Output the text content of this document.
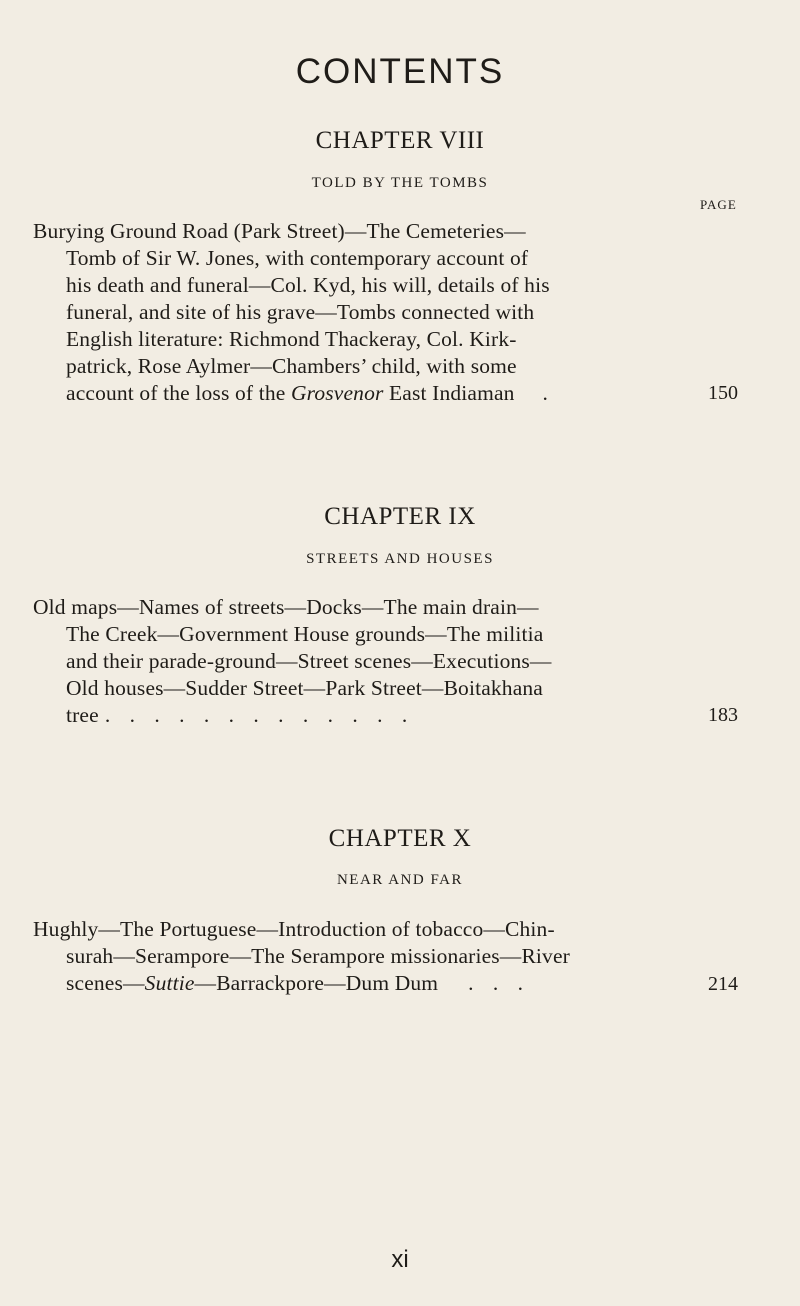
CONTENTS
CHAPTER VIII
TOLD BY THE TOMBS
PAGE
Burying Ground Road (Park Street)—The Cemeteries—
Tomb of Sir W. Jones, with contemporary account of
his death and funeral—Col. Kyd, his will, details of his
funeral, and site of his grave—Tombs connected with
English literature: Richmond Thackeray, Col. Kirk-
patrick, Rose Aylmer—Chambers’ child, with some
account of the loss of the Grosvenor East Indiaman .	150
CHAPTER IX
STREETS AND HOUSES
Old maps—Names of streets—Docks—The main drain—
The Creek—Government House grounds—The militia
and their parade-ground—Street scenes—Executions—
Old houses—Sudder Street—Park Street—Boitakhana
tree . . . . . . . . . . . . .	183
CHAPTER X
NEAR AND FAR
Hughly—The Portuguese—Introduction of tobacco—Chin-
surah—Serampore—The Serampore missionaries—River
scenes—Suttie—Barrackpore—Dum Dum . . .	214
xi
